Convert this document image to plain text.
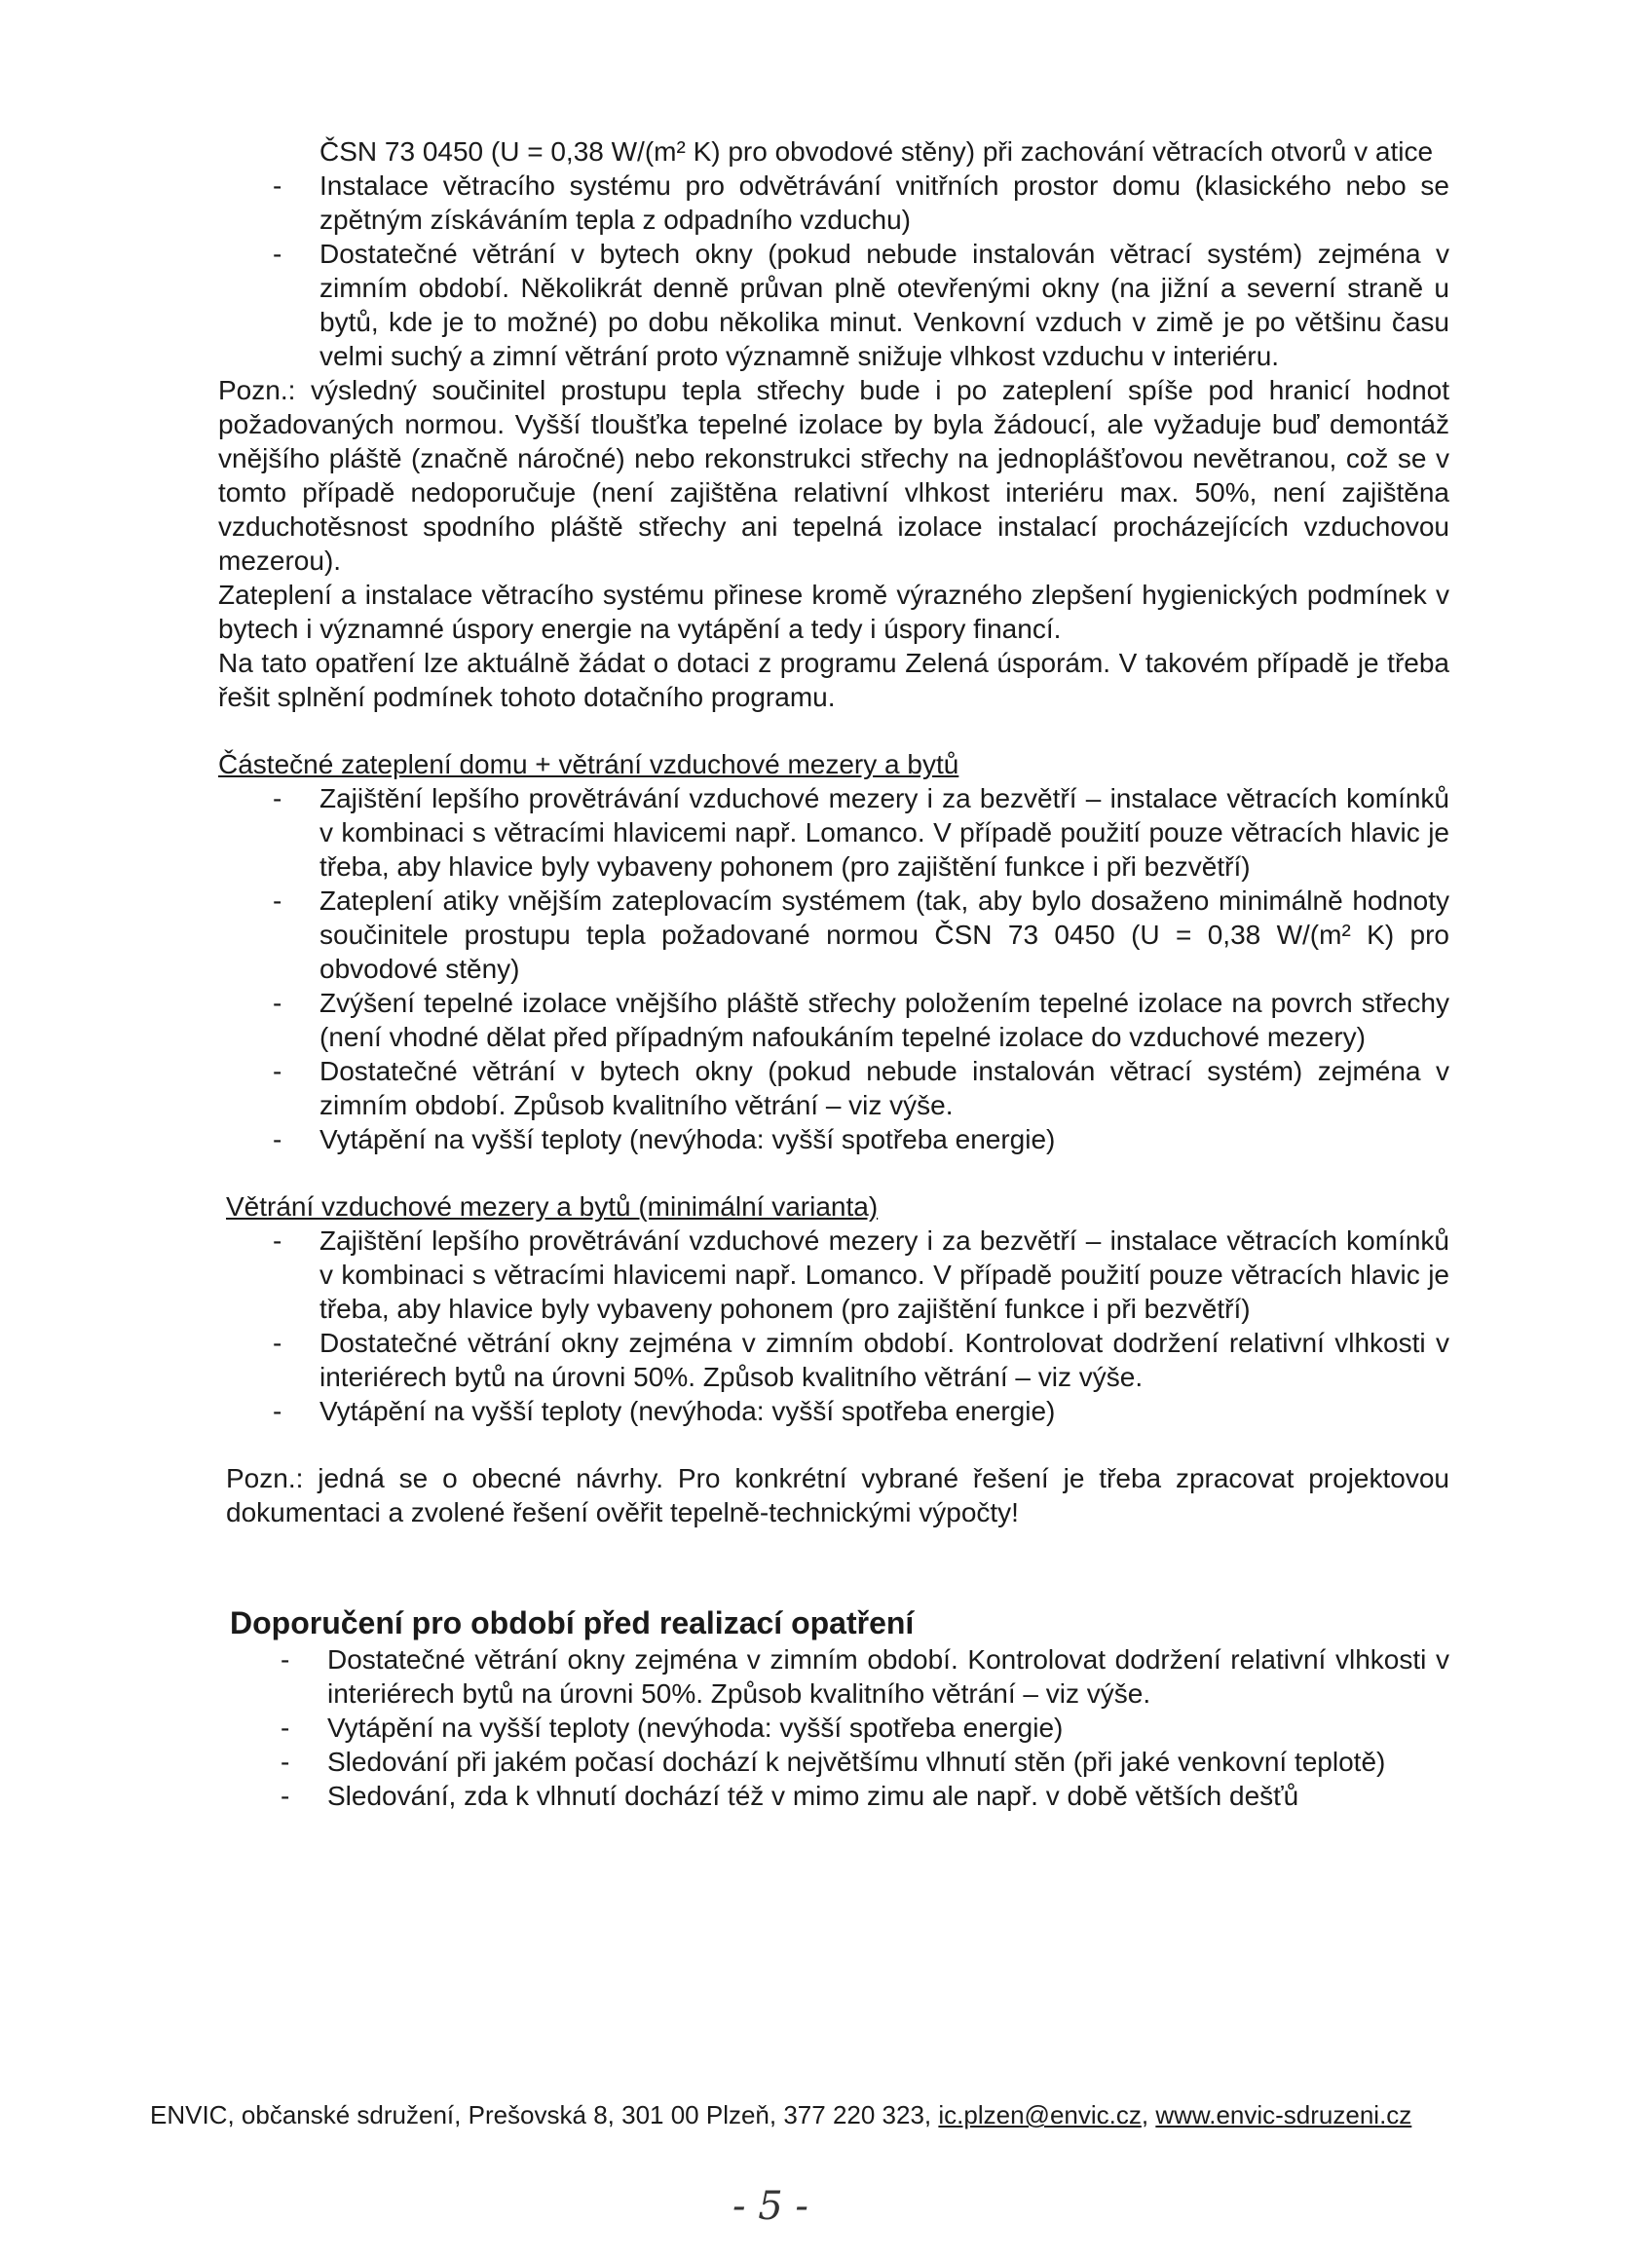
ČSN 73 0450 (U = 0,38 W/(m² K) pro obvodové stěny) při zachování větracích otvorů v atice

- Instalace větracího systému pro odvětrávání vnitřních prostor domu (klasického nebo se zpětným získáváním tepla z odpadního vzduchu)
- Dostatečné větrání v bytech okny (pokud nebude instalován větrací systém) zejména v zimním období. Několikrát denně průvan plně otevřenými okny (na jižní a severní straně u bytů, kde je to možné) po dobu několika minut. Venkovní vzduch v zimě je po většinu času velmi suchý a zimní větrání proto významně snižuje vlhkost vzduchu v interiéru.

Pozn.: výsledný součinitel prostupu tepla střechy bude i po zateplení spíše pod hranicí hodnot požadovaných normou. Vyšší tloušťka tepelné izolace by byla žádoucí, ale vyžaduje buď demontáž vnějšího pláště (značně náročné) nebo rekonstrukci střechy na jednoplášťovou nevětranou, což se v tomto případě nedoporučuje (není zajištěna relativní vlhkost interiéru max. 50%, není zajištěna vzduchotěsnost spodního pláště střechy ani tepelná izolace instalací procházejících vzduchovou mezerou).

Zateplení a instalace větracího systému přinese kromě výrazného zlepšení hygienických podmínek v bytech i významné úspory energie na vytápění a tedy i úspory financí.

Na tato opatření lze aktuálně žádat o dotaci z programu Zelená úsporám. V takovém případě je třeba řešit splnění podmínek tohoto dotačního programu.

Částečné zateplení domu + větrání vzduchové mezery a bytů

- Zajištění lepšího provětrávání vzduchové mezery i za bezvětří – instalace větracích komínků v kombinaci s větracími hlavicemi např. Lomanco. V případě použití pouze větracích hlavic je třeba, aby hlavice byly vybaveny pohonem (pro zajištění funkce i při bezvětří)
- Zateplení atiky vnějším zateplovacím systémem (tak, aby bylo dosaženo minimálně hodnoty součinitele prostupu tepla požadované normou ČSN 73 0450 (U = 0,38 W/(m² K) pro obvodové stěny)
- Zvýšení tepelné izolace vnějšího pláště střechy položením tepelné izolace na povrch střechy (není vhodné dělat před případným nafoukáním tepelné izolace do vzduchové mezery)
- Dostatečné větrání v bytech okny (pokud nebude instalován větrací systém) zejména v zimním období. Způsob kvalitního větrání – viz výše.
- Vytápění na vyšší teploty (nevýhoda: vyšší spotřeba energie)

Větrání vzduchové mezery a bytů (minimální varianta)

- Zajištění lepšího provětrávání vzduchové mezery i za bezvětří – instalace větracích komínků v kombinaci s větracími hlavicemi např. Lomanco. V případě použití pouze větracích hlavic je třeba, aby hlavice byly vybaveny pohonem (pro zajištění funkce i při bezvětří)
- Dostatečné větrání okny zejména v zimním období. Kontrolovat dodržení relativní vlhkosti v interiérech bytů na úrovni 50%. Způsob kvalitního větrání – viz výše.
- Vytápění na vyšší teploty (nevýhoda: vyšší spotřeba energie)

Pozn.: jedná se o obecné návrhy. Pro konkrétní vybrané řešení je třeba zpracovat projektovou dokumentaci a zvolené řešení ověřit tepelně-technickými výpočty!

Doporučení pro období před realizací opatření
- Dostatečné větrání okny zejména v zimním období. Kontrolovat dodržení relativní vlhkosti v interiérech bytů na úrovni 50%. Způsob kvalitního větrání – viz výše.
- Vytápění na vyšší teploty (nevýhoda: vyšší spotřeba energie)
- Sledování při jakém počasí dochází k největšímu vlhnutí stěn (při jaké venkovní teplotě)
- Sledování, zda k vlhnutí dochází též v mimo zimu ale např. v době větších dešťů
ENVIC, občanské sdružení, Prešovská 8, 301 00 Plzeň, 377 220 323, ic.plzen@envic.cz, www.envic-sdruzeni.cz
- 5 -
